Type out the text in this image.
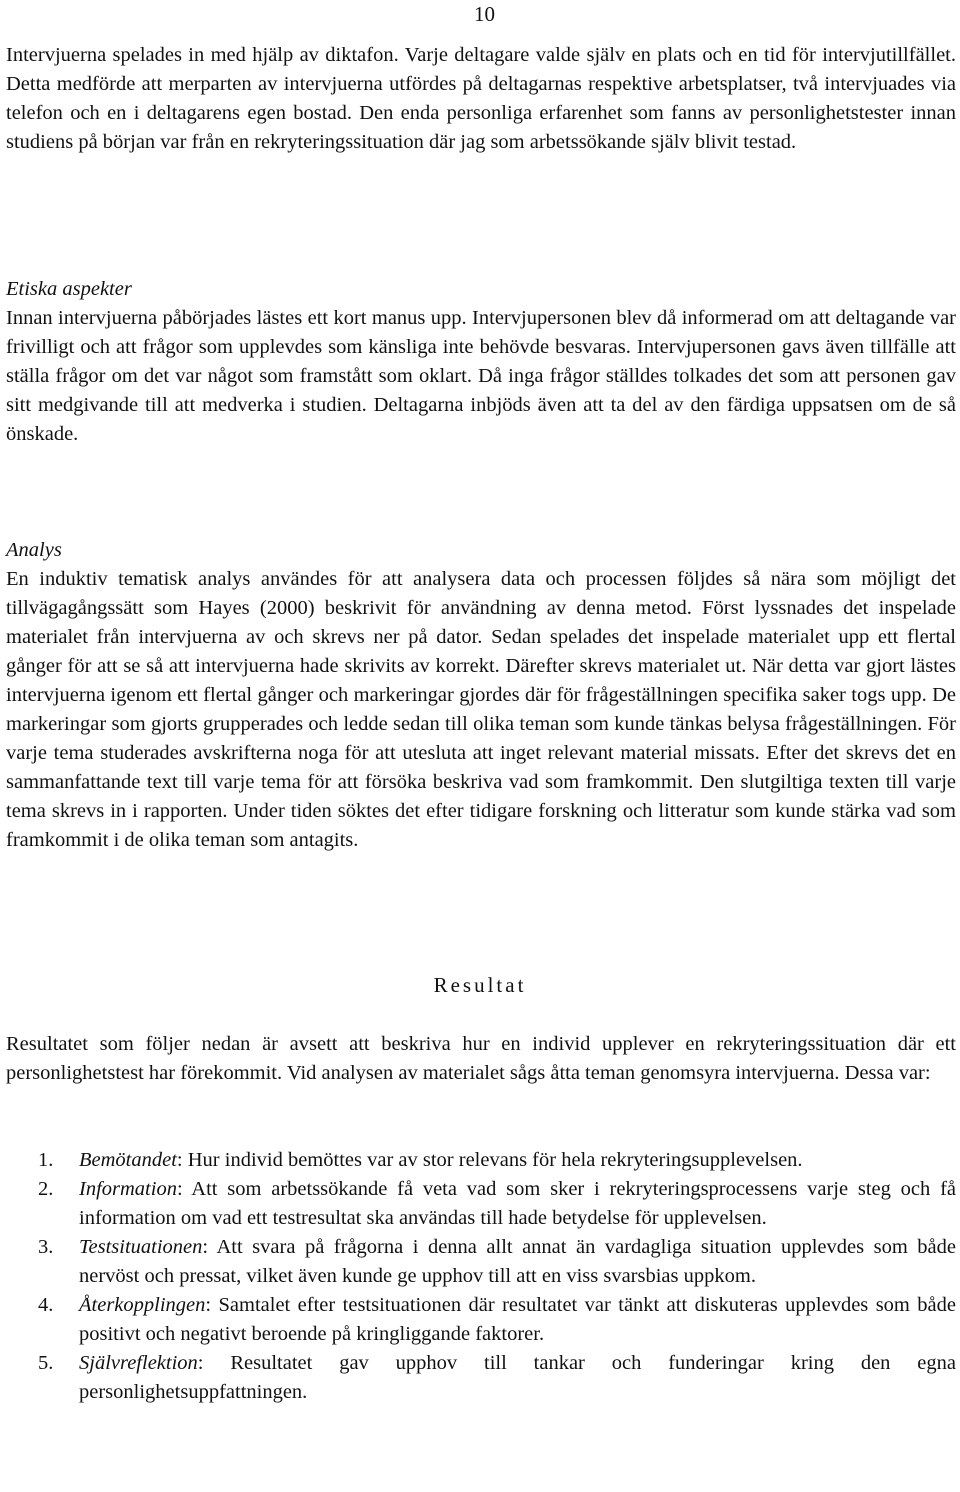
10

Intervjuerna spelades in med hjälp av diktafon. Varje deltagare valde själv en plats och en tid för intervjutillfället. Detta medförde att merparten av intervjuerna utfördes på deltagarnas respektive arbetsplatser, två intervjuades via telefon och en i deltagarens egen bostad. Den enda personliga erfarenhet som fanns av personlighetstester innan studiens på början var från en rekryteringssituation där jag som arbetssökande själv blivit testad.

Etiska aspekter

Innan intervjuerna påbörjades lästes ett kort manus upp. Intervjupersonen blev då informerad om att deltagande var frivilligt och att frågor som upplevdes som känsliga inte behövde besvaras. Intervjupersonen gavs även tillfälle att ställa frågor om det var något som framstått som oklart. Då inga frågor ställdes tolkades det som att personen gav sitt medgivande till att medverka i studien. Deltagarna inbjöds även att ta del av den färdiga uppsatsen om de så önskade.

Analys

En induktiv tematisk analys användes för att analysera data och processen följdes så nära som möjligt det tillvägagångssätt som Hayes (2000) beskrivit för användning av denna metod. Först lyssnades det inspelade materialet från intervjuerna av och skrevs ner på dator. Sedan spelades det inspelade materialet upp ett flertal gånger för att se så att intervjuerna hade skrivits av korrekt. Därefter skrevs materialet ut. När detta var gjort lästes intervjuerna igenom ett flertal gånger och markeringar gjordes där för frågeställningen specifika saker togs upp. De markeringar som gjorts grupperades och ledde sedan till olika teman som kunde tänkas belysa frågeställningen. För varje tema studerades avskrifterna noga för att utesluta att inget relevant material missats. Efter det skrevs det en sammanfattande text till varje tema för att försöka beskriva vad som framkommit. Den slutgiltiga texten till varje tema skrevs in i rapporten. Under tiden söktes det efter tidigare forskning och litteratur som kunde stärka vad som framkommit i de olika teman som antagits.

Resultat

Resultatet som följer nedan är avsett att beskriva hur en individ upplever en rekryteringssituation där ett personlighetstest har förekommit. Vid analysen av materialet sågs åtta teman genomsyra intervjuerna. Dessa var:

1. Bemötandet: Hur individ bemöttes var av stor relevans för hela rekryteringsupplevelsen.
2. Information: Att som arbetssökande få veta vad som sker i rekryteringsprocessens varje steg och få information om vad ett testresultat ska användas till hade betydelse för upplevelsen.
3. Testsituationen: Att svara på frågorna i denna allt annat än vardagliga situation upplevdes som både nervöst och pressat, vilket även kunde ge upphov till att en viss svarsbias uppkom.
4. Återkopplingen: Samtalet efter testsituationen där resultatet var tänkt att diskuteras upplevdes som både positivt och negativt beroende på kringliggande faktorer.
5. Självreflektion: Resultatet gav upphov till tankar och funderingar kring den egna personlighetsuppfattningen.
